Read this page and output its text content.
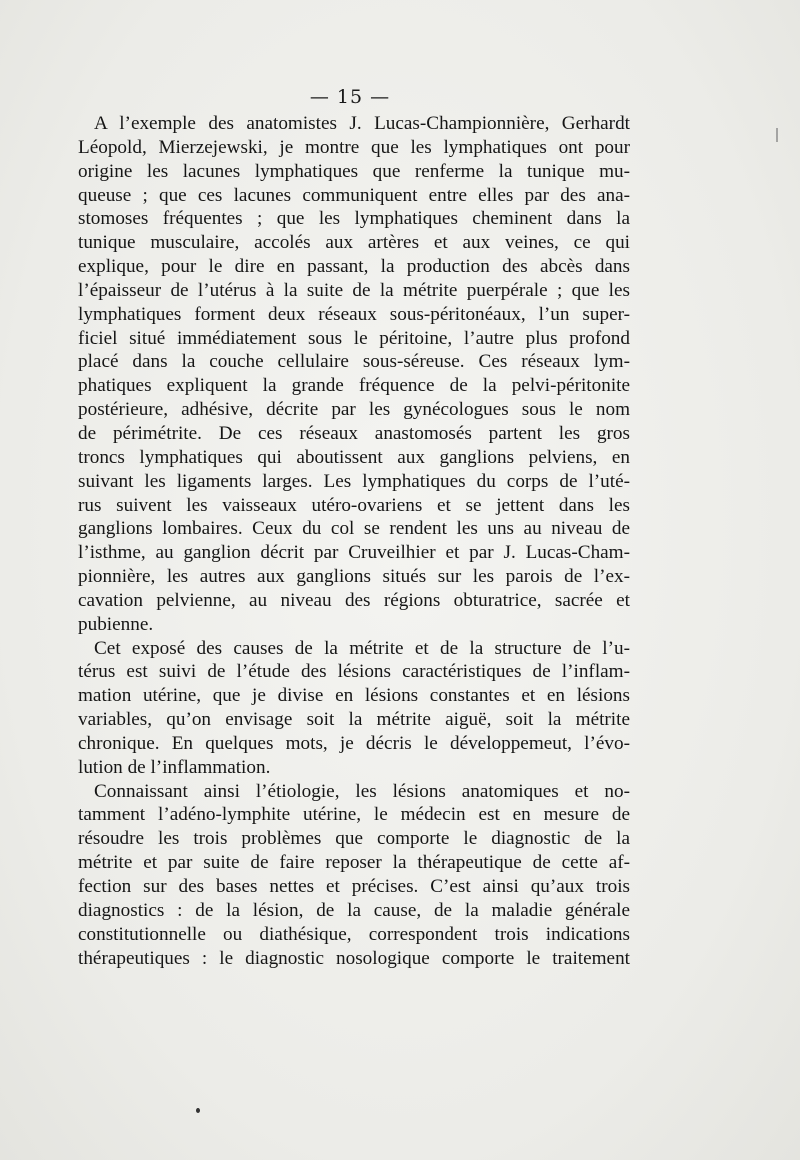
— 15 —
A l’exemple des anatomistes J. Lucas-Championnière, Gerhardt
Léopold, Mierzejewski, je montre que les lymphatiques ont pour
origine les lacunes lymphatiques que renferme la tunique mu-
queuse ; que ces lacunes communiquent entre elles par des ana-
stomoses fréquentes ; que les lymphatiques cheminent dans la
tunique musculaire, accolés aux artères et aux veines, ce qui
explique, pour le dire en passant, la production des abcès dans
l’épaisseur de l’utérus à la suite de la métrite puerpérale ; que les
lymphatiques forment deux réseaux sous-péritonéaux, l’un super-
ficiel situé immédiatement sous le péritoine, l’autre plus profond
placé dans la couche cellulaire sous-séreuse. Ces réseaux lym-
phatiques expliquent la grande fréquence de la pelvi-péritonite
postérieure, adhésive, décrite par les gynécologues sous le nom
de périmétrite. De ces réseaux anastomosés partent les gros
troncs lymphatiques qui aboutissent aux ganglions pelviens, en
suivant les ligaments larges. Les lymphatiques du corps de l’uté-
rus suivent les vaisseaux utéro-ovariens et se jettent dans les
ganglions lombaires. Ceux du col se rendent les uns au niveau de
l’isthme, au ganglion décrit par Cruveilhier et par J. Lucas-Cham-
pionnière, les autres aux ganglions situés sur les parois de l’ex-
cavation pelvienne, au niveau des régions obturatrice, sacrée et
pubienne.
Cet exposé des causes de la métrite et de la structure de l’u-
térus est suivi de l’étude des lésions caractéristiques de l’inflam-
mation utérine, que je divise en lésions constantes et en lésions
variables, qu’on envisage soit la métrite aiguë, soit la métrite
chronique. En quelques mots, je décris le développemeut, l’évo-
lution de l’inflammation.
Connaissant ainsi l’étiologie, les lésions anatomiques et no-
tamment l’adéno-lymphite utérine, le médecin est en mesure de
résoudre les trois problèmes que comporte le diagnostic de la
métrite et par suite de faire reposer la thérapeutique de cette af-
fection sur des bases nettes et précises. C’est ainsi qu’aux trois
diagnostics : de la lésion, de la cause, de la maladie générale
constitutionnelle ou diathésique, correspondent trois indications
thérapeutiques : le diagnostic nosologique comporte le traitement
